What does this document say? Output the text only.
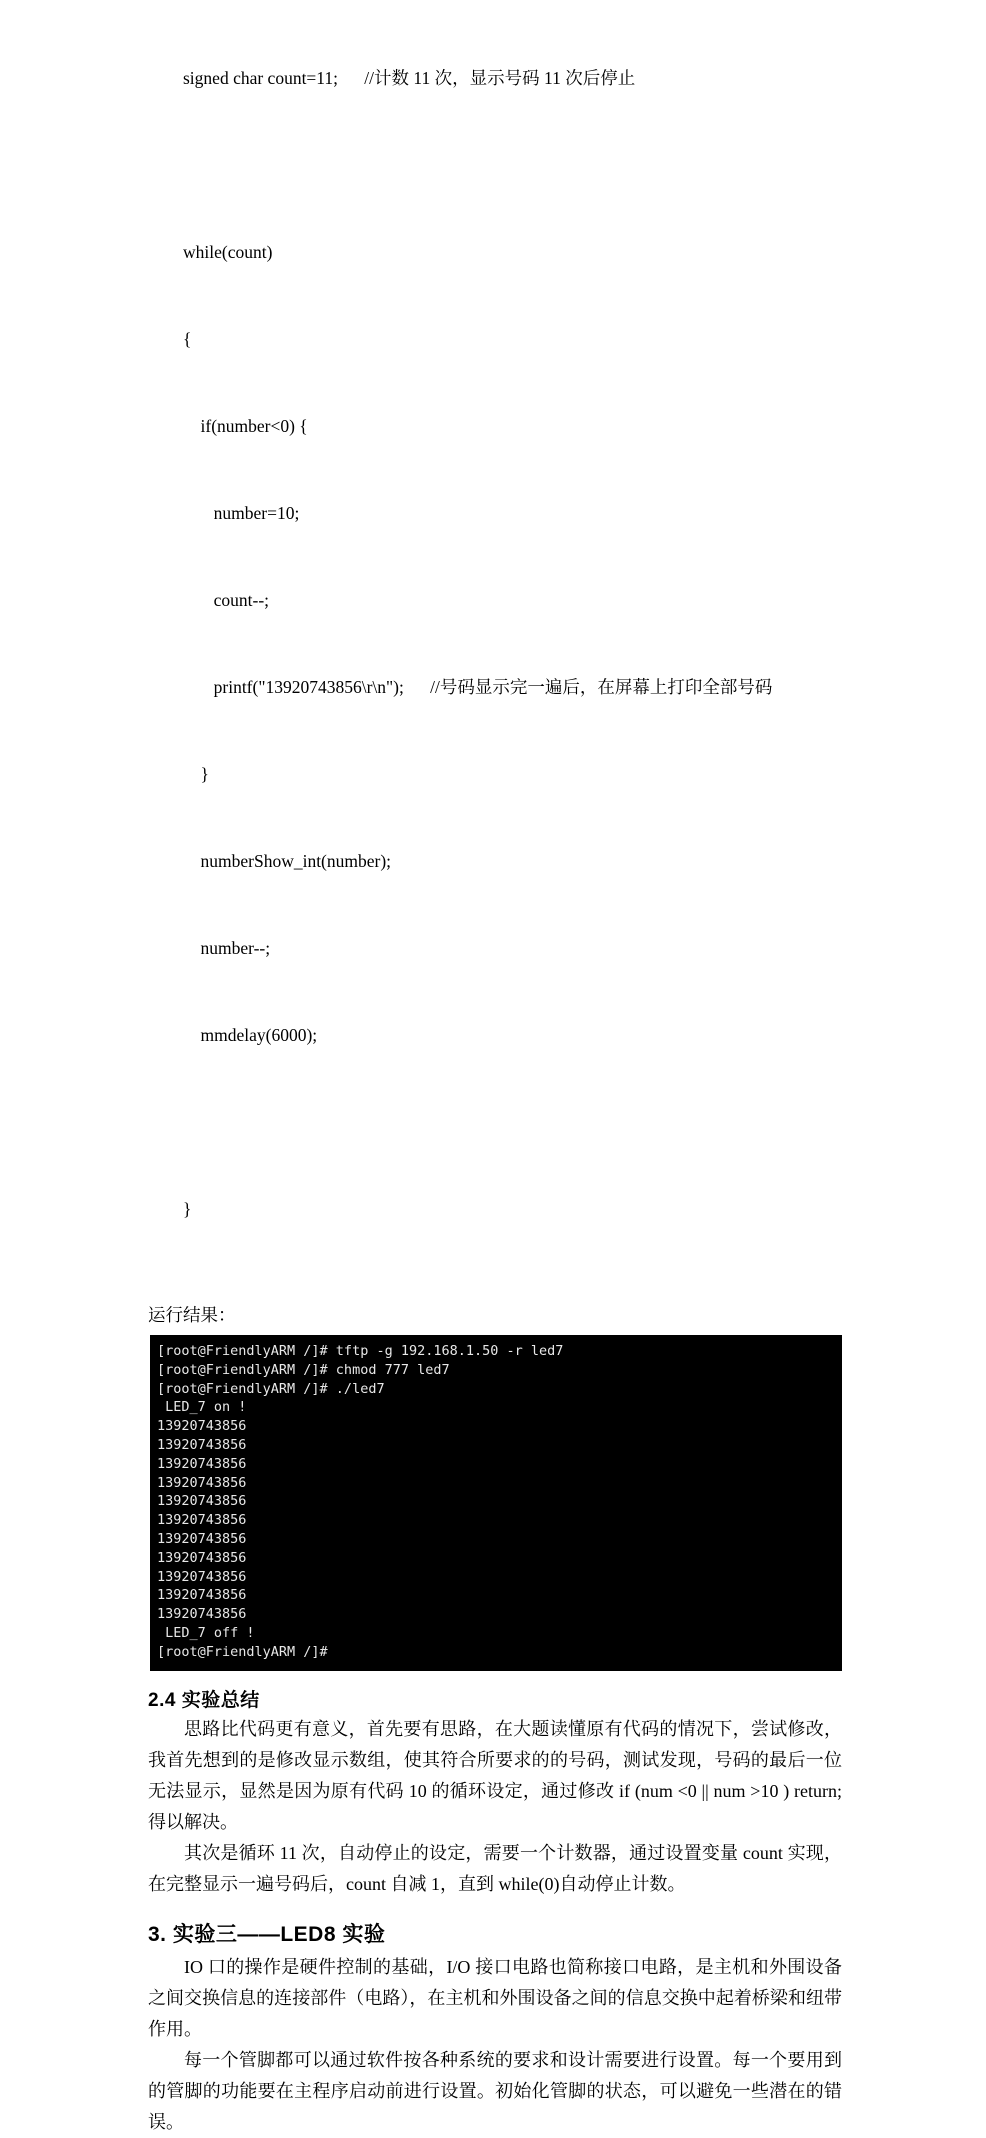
signed char count=11;      //计数 11 次，显示号码 11 次后停止

while(count)

{

if(number<0) {

number=10;

count--;

printf("13920743856\r\n");      //号码显示完一遍后，在屏幕上打印全部号码

}

numberShow_int(number);

number--;

mmdelay(6000);

}

运行结果：
[root@FriendlyARM /]# tftp -g 192.168.1.50 -r led7
[root@FriendlyARM /]# chmod 777 led7
[root@FriendlyARM /]# ./led7
LED_7 on !
13920743856
13920743856
13920743856
13920743856
13920743856
13920743856
13920743856
13920743856
13920743856
13920743856
13920743856
LED_7 off !
[root@FriendlyARM /]#
2.4 实验总结

思路比代码更有意义，首先要有思路，在大题读懂原有代码的情况下，尝试修改，我首先想到的是修改显示数组，使其符合所要求的的号码，测试发现，号码的最后一位无法显示，显然是因为原有代码 10 的循环设定，通过修改 if (num <0 || num >10 ) return;得以解决。

其次是循环 11 次，自动停止的设定，需要一个计数器，通过设置变量 count 实现，在完整显示一遍号码后，count 自减 1，直到 while(0)自动停止计数。

3. 实验三——LED8 实验

IO 口的操作是硬件控制的基础，I/O 接口电路也简称接口电路，是主机和外围设备之间交换信息的连接部件（电路），在主机和外围设备之间的信息交换中起着桥梁和纽带作用。

每一个管脚都可以通过软件按各种系统的要求和设计需要进行设置。每一个要用到的管脚的功能要在主程序启动前进行设置。初始化管脚的状态，可以避免一些潜在的错误。
